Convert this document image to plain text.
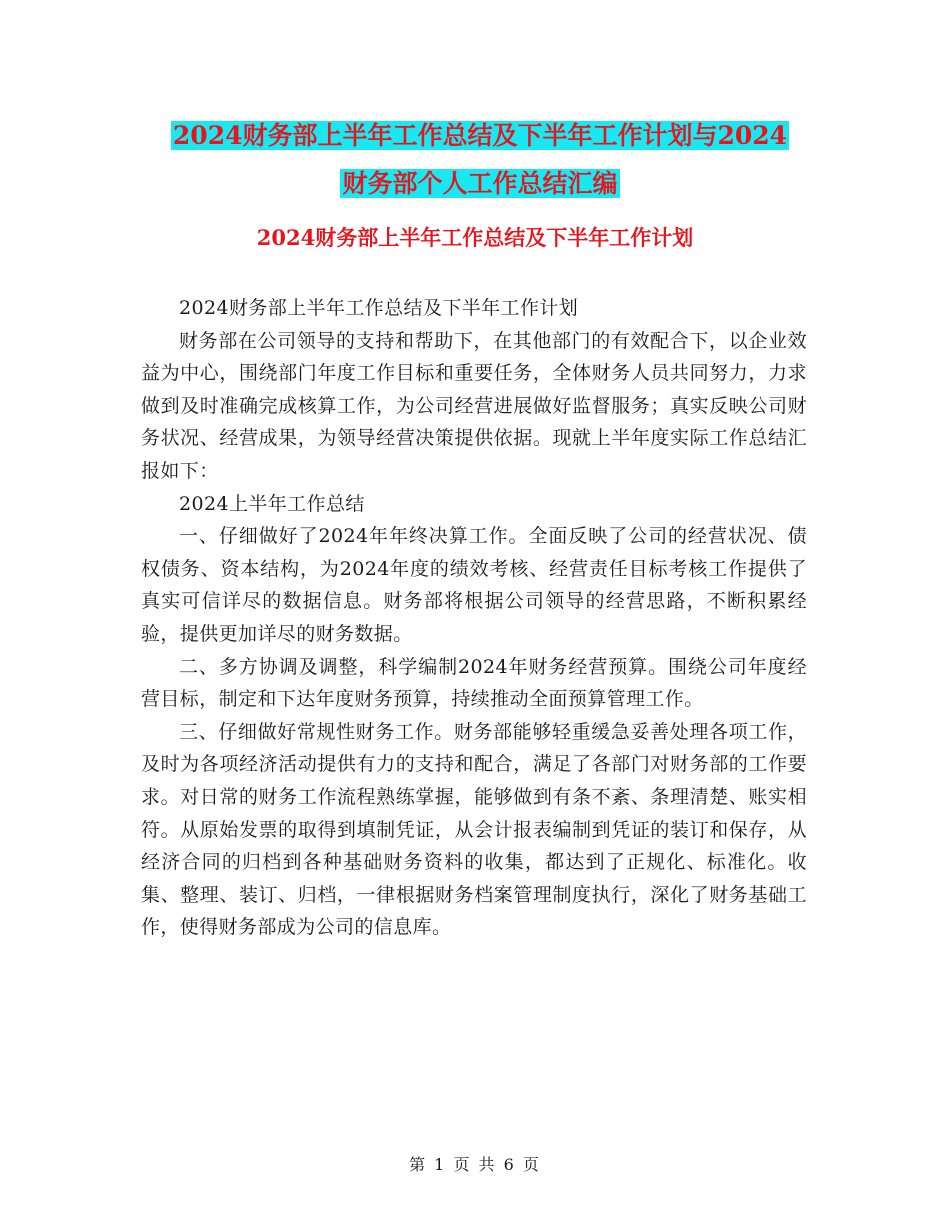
2024财务部上半年工作总结及下半年工作计划与2024
财务部个人工作总结汇编
2024财务部上半年工作总结及下半年工作计划

2024财务部上半年工作总结及下半年工作计划

财务部在公司领导的支持和帮助下，在其他部门的有效配合下，以企业效益为中心，围绕部门年度工作目标和重要任务，全体财务人员共同努力，力求做到及时准确完成核算工作，为公司经营进展做好监督服务；真实反映公司财务状况、经营成果，为领导经营决策提供依据。现就上半年度实际工作总结汇报如下：

2024上半年工作总结

一、仔细做好了2024年年终决算工作。全面反映了公司的经营状况、债权债务、资本结构，为2024年度的绩效考核、经营责任目标考核工作提供了真实可信详尽的数据信息。财务部将根据公司领导的经营思路，不断积累经验，提供更加详尽的财务数据。

二、多方协调及调整，科学编制2024年财务经营预算。围绕公司年度经营目标，制定和下达年度财务预算，持续推动全面预算管理工作。

三、仔细做好常规性财务工作。财务部能够轻重缓急妥善处理各项工作，及时为各项经济活动提供有力的支持和配合，满足了各部门对财务部的工作要求。对日常的财务工作流程熟练掌握，能够做到有条不紊、条理清楚、账实相符。从原始发票的取得到填制凭证，从会计报表编制到凭证的装订和保存，从经济合同的归档到各种基础财务资料的收集，都达到了正规化、标准化。收集、整理、装订、归档，一律根据财务档案管理制度执行，深化了财务基础工作，使得财务部成为公司的信息库。

第 1 页 共 6 页
